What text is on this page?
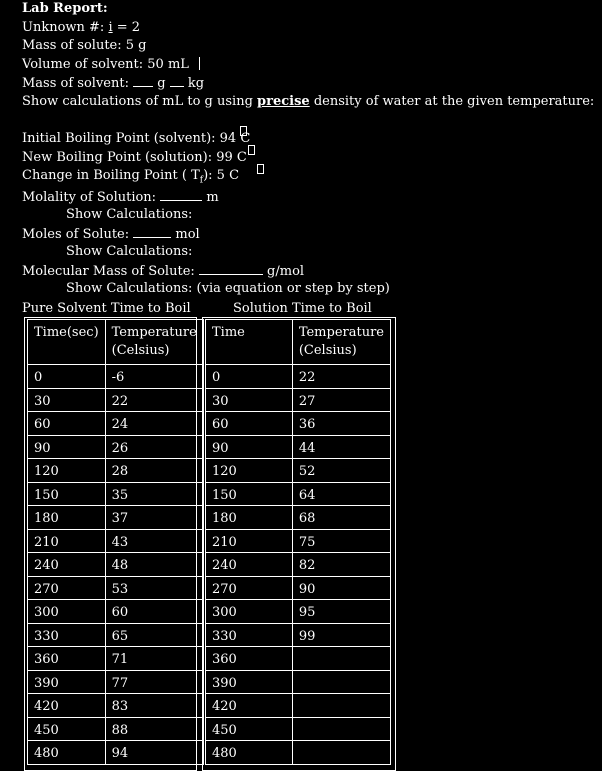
Lab Report:
Unknown #: i = 2
Mass of solute: 5 g
Volume of solvent: 50 mL
Mass of solvent:  g kg
Show calculations of mL to g using precise density of water at the given temperature:
Initial Boiling Point (solvent): 94 C
New Boiling Point (solution): 99 C
Change in Boiling Point ( $T_f$): 5 C
Molality of Solution:	m
Show Calculations:
Moles of Solute:	mol
Show Calculations:
Molecular Mass of Solute:	g/mol
Show Calculations: (via equation or step by step)
Pure Solvent Time to Boil	Solution Time to Boil
Time(sec)	Temperature (Celsius)
0	-6
30	22
60	24
90	26
120	28
150	35
180	37
210	43
240	48
270	53
300	60
330	65
360	71
390	77
420	83
450	88
480	94
Time	Temperature (Celsius)
0	22
30	27
60	36
90	44
120	52
150	64
180	68
210	75
240	82
270	90
300	95
330	99
360	
390	
420	
450	
480	
